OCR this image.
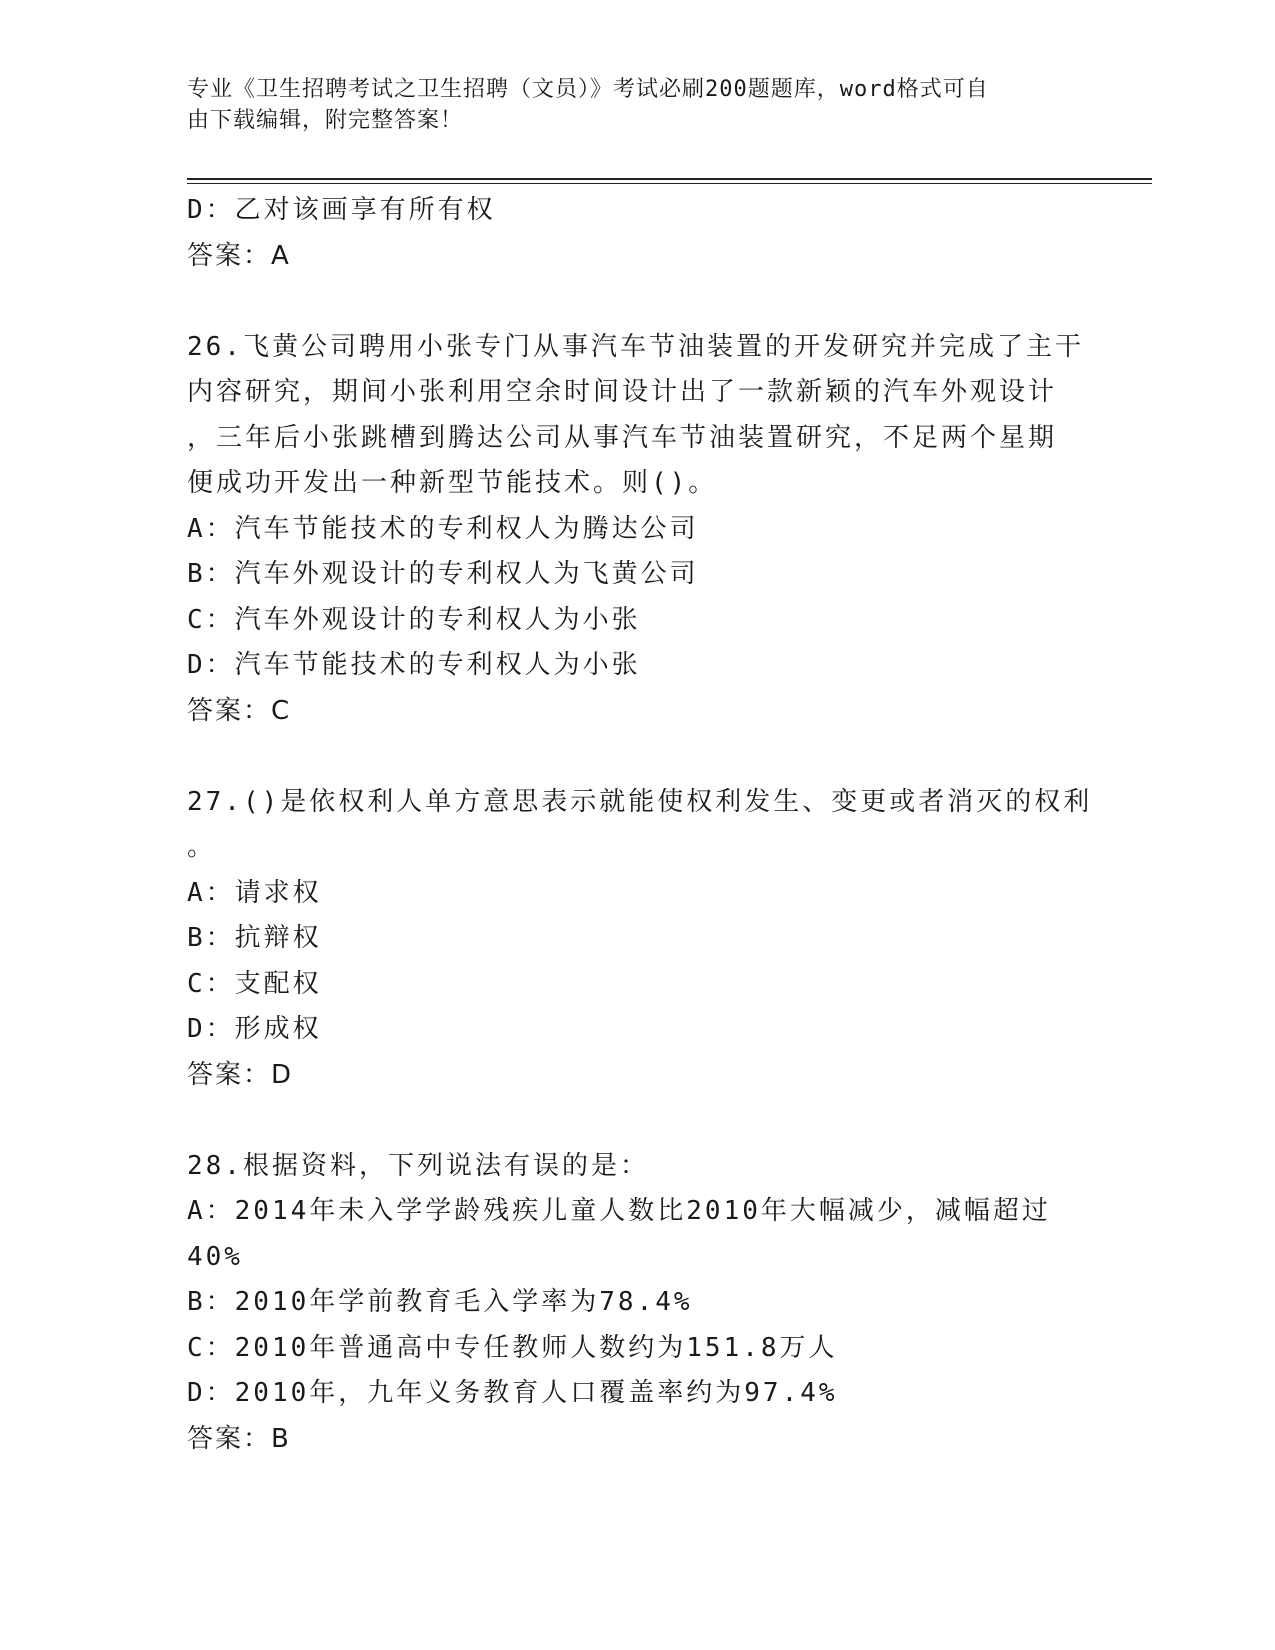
专业《卫生招聘考试之卫生招聘（文员）》考试必刷200题题库，word格式可自
由下载编辑，附完整答案！
D：乙对该画享有所有权
答案：A
26.飞黄公司聘用小张专门从事汽车节油装置的开发研究并完成了主干
内容研究，期间小张利用空余时间设计出了一款新颖的汽车外观设计
，三年后小张跳槽到腾达公司从事汽车节油装置研究，不足两个星期
便成功开发出一种新型节能技术。则()。
A：汽车节能技术的专利权人为腾达公司
B：汽车外观设计的专利权人为飞黄公司
C：汽车外观设计的专利权人为小张
D：汽车节能技术的专利权人为小张
答案：C
27.()是依权利人单方意思表示就能使权利发生、变更或者消灭的权利
。
A：请求权
B：抗辩权
C：支配权
D：形成权
答案：D
28.根据资料，下列说法有误的是：
A：2014年未入学学龄残疾儿童人数比2010年大幅减少，减幅超过
40%
B：2010年学前教育毛入学率为78.4%
C：2010年普通高中专任教师人数约为151.8万人
D：2010年，九年义务教育人口覆盖率约为97.4%
答案：B
